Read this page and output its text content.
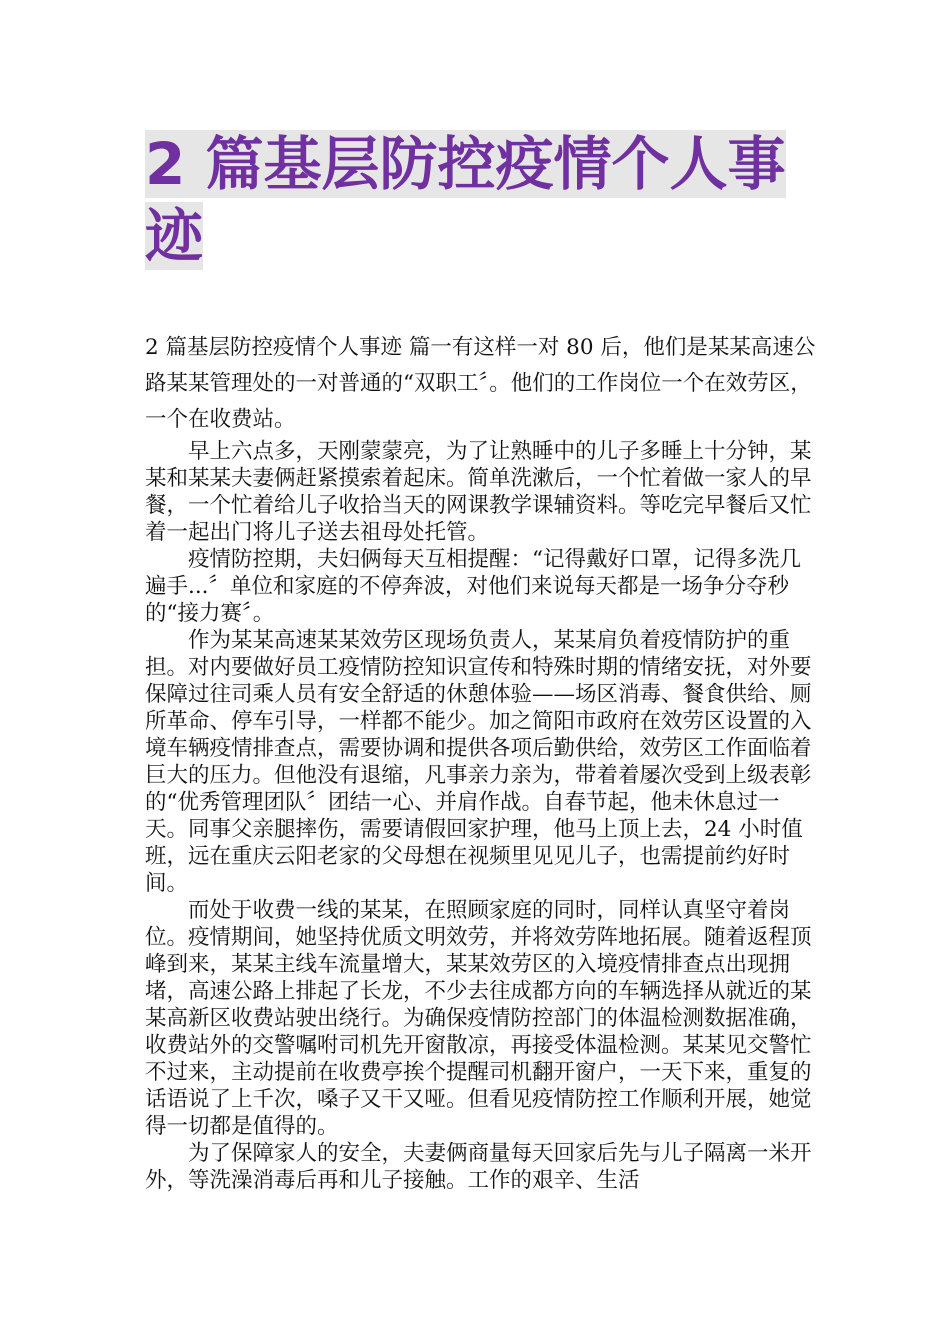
2 篇基层防控疫情个人事迹

2 篇基层防控疫情个人事迹 篇一有这样一对 80 后，他们是某某高速公路某某管理处的一对普通的“双职工〞。他们的工作岗位一个在效劳区，一个在收费站。

早上六点多，天刚蒙蒙亮，为了让熟睡中的儿子多睡上十分钟，某某和某某夫妻俩赶紧摸索着起床。简单洗漱后，一个忙着做一家人的早餐，一个忙着给儿子收拾当天的网课教学课辅资料。等吃完早餐后又忙着一起出门将儿子送去祖母处托管。

疫情防控期，夫妇俩每天互相提醒：“记得戴好口罩，记得多洗几遍手...〞单位和家庭的不停奔波，对他们来说每天都是一场争分夺秒的“接力赛〞。

作为某某高速某某效劳区现场负责人，某某肩负着疫情防护的重担。对内要做好员工疫情防控知识宣传和特殊时期的情绪安抚，对外要保障过往司乘人员有安全舒适的休憩体验——场区消毒、餐食供给、厕所革命、停车引导，一样都不能少。加之简阳市政府在效劳区设置的入境车辆疫情排查点，需要协调和提供各项后勤供给，效劳区工作面临着巨大的压力。但他没有退缩，凡事亲力亲为，带着着屡次受到上级表彰的“优秀管理团队〞团结一心、并肩作战。自春节起，他未休息过一天。同事父亲腿摔伤，需要请假回家护理，他马上顶上去，24 小时值班，远在重庆云阳老家的父母想在视频里见见儿子，也需提前约好时间。

而处于收费一线的某某，在照顾家庭的同时，同样认真坚守着岗位。疫情期间，她坚持优质文明效劳，并将效劳阵地拓展。随着返程顶峰到来，某某主线车流量增大，某某效劳区的入境疫情排查点出现拥堵，高速公路上排起了长龙，不少去往成都方向的车辆选择从就近的某某高新区收费站驶出绕行。为确保疫情防控部门的体温检测数据准确，收费站外的交警嘱咐司机先开窗散凉，再接受体温检测。某某见交警忙不过来，主动提前在收费亭挨个提醒司机翻开窗户，一天下来，重复的话语说了上千次，嗓子又干又哑。但看见疫情防控工作顺利开展，她觉得一切都是值得的。

为了保障家人的安全，夫妻俩商量每天回家后先与儿子隔离一米开外，等洗澡消毒后再和儿子接触。工作的艰辛、生活
